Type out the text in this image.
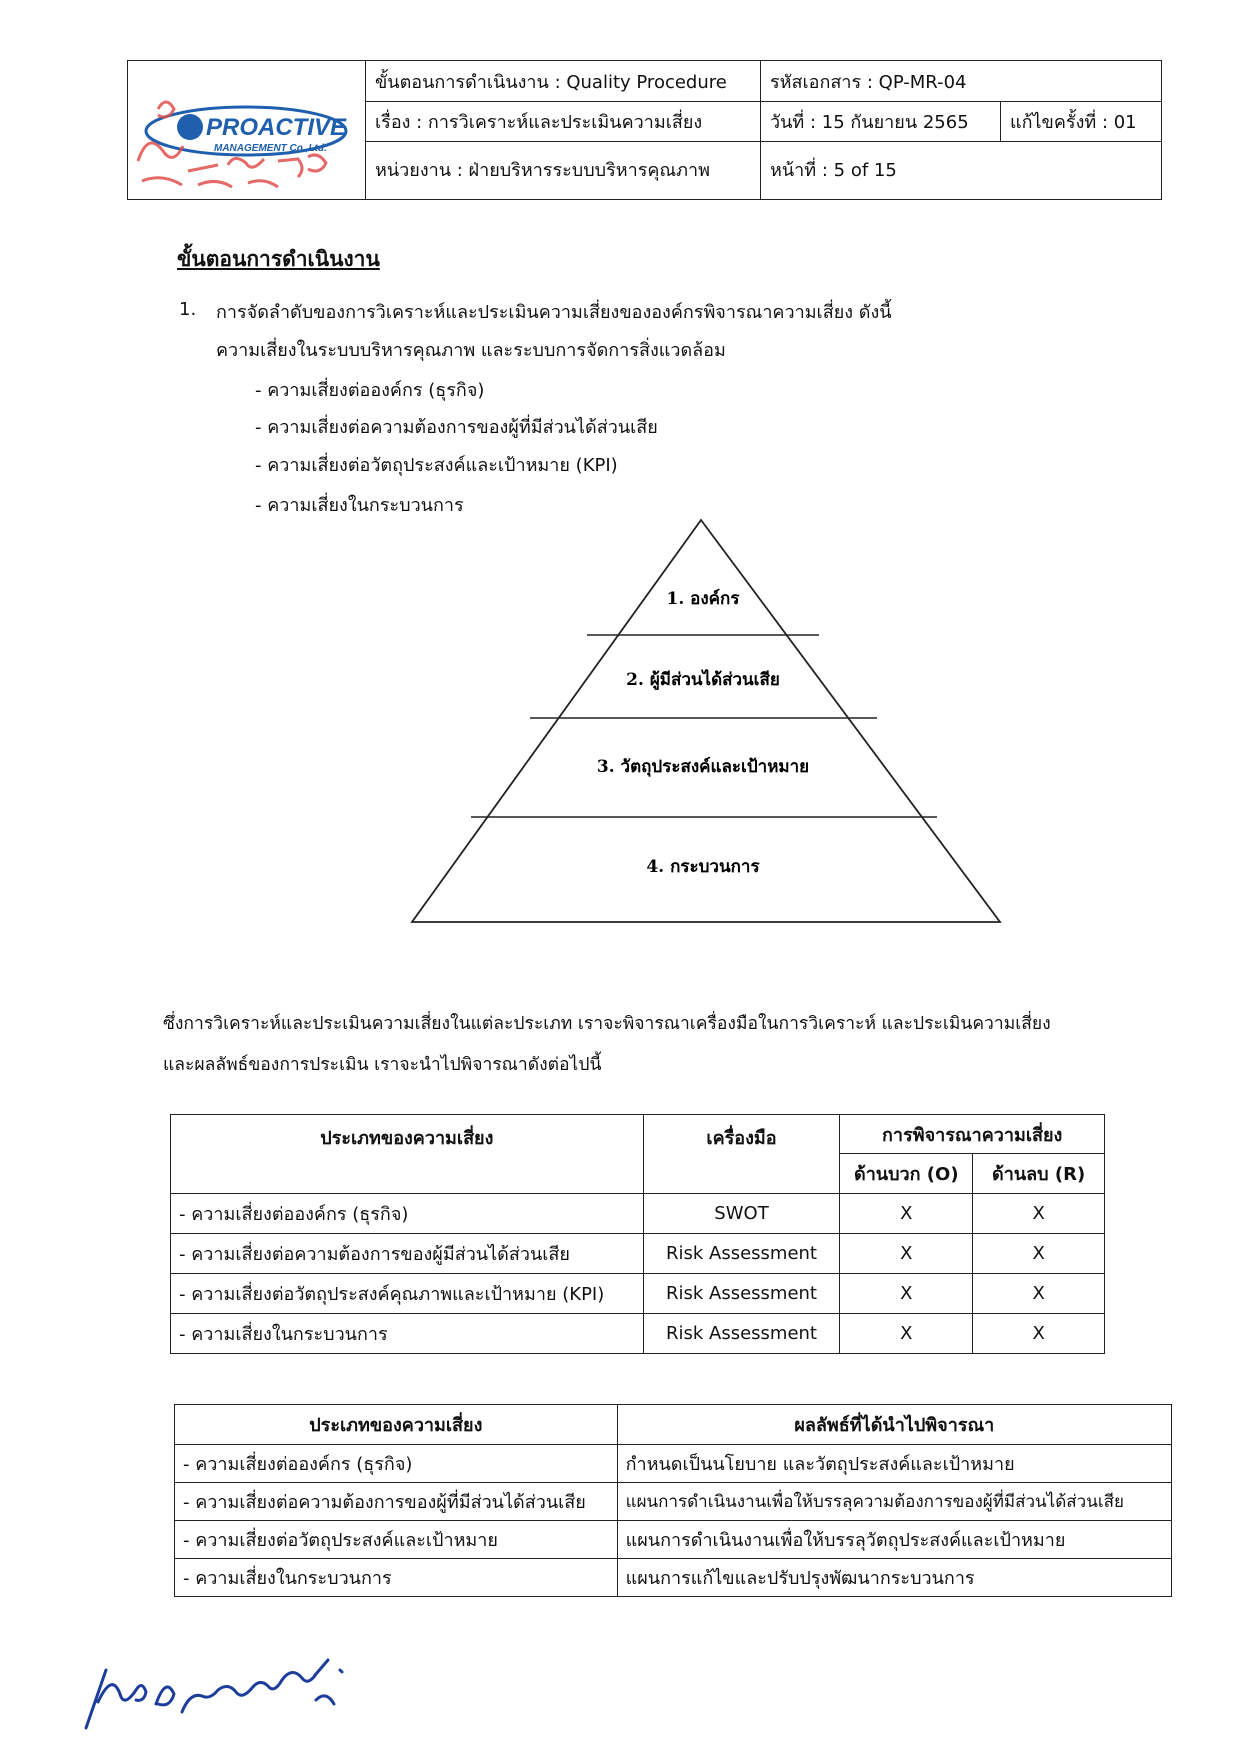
PROACTIVE
MANAGEMENT Co.,Ltd.
ขั้นตอนการดำเนินงาน : Quality Procedure
เรื่อง : การวิเคราะห์และประเมินความเสี่ยง
หน่วยงาน : ฝ่ายบริหารระบบบริหารคุณภาพ
รหัสเอกสาร : QP-MR-04
วันที่ : 15 กันยายน 2565	แก้ไขครั้งที่ : 01
หน้าที่ : 5 of 15
ขั้นตอนการดำเนินงาน
1. การจัดลำดับของการวิเคราะห์และประเมินความเสี่ยงขององค์กรพิจารณาความเสี่ยง ดังนี้
ความเสี่ยงในระบบบริหารคุณภาพ และระบบการจัดการสิ่งแวดล้อม
- ความเสี่ยงต่อองค์กร (ธุรกิจ)
- ความเสี่ยงต่อความต้องการของผู้ที่มีส่วนได้ส่วนเสีย
- ความเสี่ยงต่อวัตถุประสงค์และเป้าหมาย (KPI)
- ความเสี่ยงในกระบวนการ
1. องค์กร
2. ผู้มีส่วนได้ส่วนเสีย
3. วัตถุประสงค์และเป้าหมาย
4. กระบวนการ
ซึ่งการวิเคราะห์และประเมินความเสี่ยงในแต่ละประเภท เราจะพิจารณาเครื่องมือในการวิเคราะห์ และประเมินความเสี่ยง
และผลลัพธ์ของการประเมิน เราจะนำไปพิจารณาดังต่อไปนี้
ประเภทของความเสี่ยง	เครื่องมือ	การพิจารณาความเสี่ยง	
		ด้านบวก (O)	ด้านลบ (R)
- ความเสี่ยงต่อองค์กร (ธุรกิจ)	SWOT	X	X
- ความเสี่ยงต่อความต้องการของผู้มีส่วนได้ส่วนเสีย	Risk Assessment	X	X
- ความเสี่ยงต่อวัตถุประสงค์คุณภาพและเป้าหมาย (KPI)	Risk Assessment	X	X
- ความเสี่ยงในกระบวนการ	Risk Assessment	X	X
ประเภทของความเสี่ยง	ผลลัพธ์ที่ได้นำไปพิจารณา
- ความเสี่ยงต่อองค์กร (ธุรกิจ)	กำหนดเป็นนโยบาย และวัตถุประสงค์และเป้าหมาย
- ความเสี่ยงต่อความต้องการของผู้ที่มีส่วนได้ส่วนเสีย	แผนการดำเนินงานเพื่อให้บรรลุความต้องการของผู้ที่มีส่วนได้ส่วนเสีย
- ความเสี่ยงต่อวัตถุประสงค์และเป้าหมาย	แผนการดำเนินงานเพื่อให้บรรลุวัตถุประสงค์และเป้าหมาย
- ความเสี่ยงในกระบวนการ	แผนการแก้ไขและปรับปรุงพัฒนากระบวนการ
